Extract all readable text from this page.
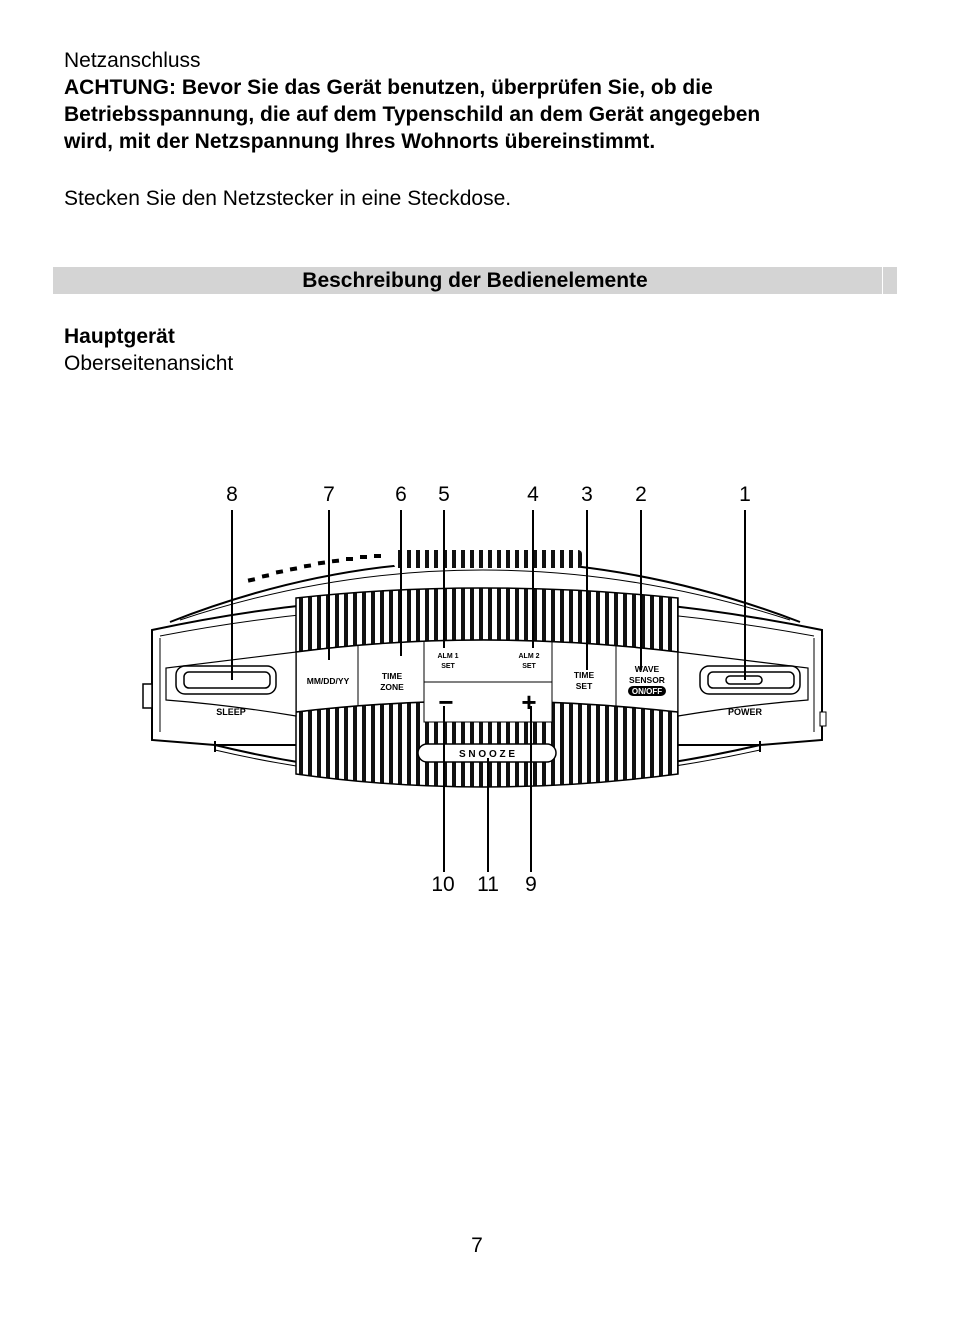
Netzanschluss
ACHTUNG: Bevor Sie das Gerät benutzen, überprüfen Sie, ob die
Betriebsspannung, die auf dem Typenschild an dem Gerät angegeben
wird, mit der Netzspannung Ihres Wohnorts übereinstimmt.
Stecken Sie den Netzstecker in eine Steckdose.
Beschreibung der Bedienelemente
Hauptgerät
Oberseitenansicht
SLEEP
MM/DD/YY	TIME
ZONE
ALM 1
SET
ALM 2
SET
TIME
SET
WAVE
SENSOR
ON/OFF
−	+
S N O O Z E
POWER
8	7	6	5	4	3	2	1
10	11	9
7
